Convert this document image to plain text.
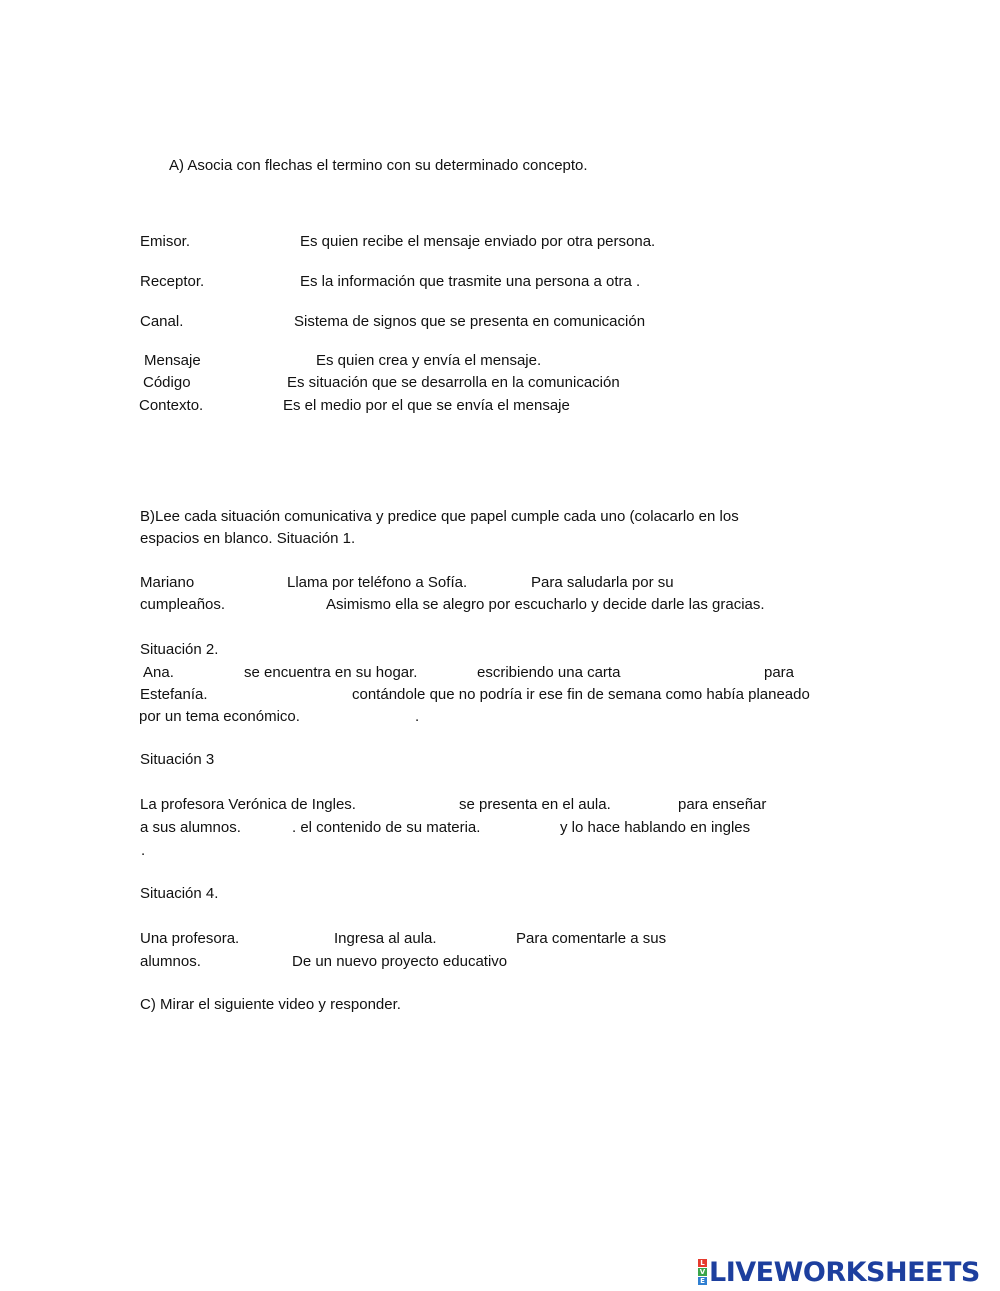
A) Asocia con flechas el termino con su determinado concepto.
Emisor.	Es quien recibe el mensaje enviado por otra persona.
Receptor.	Es la información que trasmite una persona a otra .
Canal.	Sistema de signos que se presenta en comunicación
Mensaje	Es quien crea y envía el mensaje.
Código	Es situación que se desarrolla en la comunicación
Contexto.	Es el medio por el que se envía el mensaje
B)Lee cada situación comunicativa y predice que papel cumple cada uno (colacarlo en los
espacios en blanco. Situación 1.
Mariano	Llama por teléfono a Sofía.	Para saludarla por su
cumpleaños.	Asimismo ella se alegro por escucharlo y decide darle las gracias.
Situación 2.
Ana.	se encuentra en su hogar.	escribiendo una carta	para
Estefanía.	contándole que no podría ir ese fin de semana como había planeado
por un tema económico.	.
Situación 3
La profesora Verónica de Ingles.	se presenta en el aula.	para enseñar
a sus alumnos.	. el contenido de su materia.	y lo hace hablando en ingles
.
Situación 4.
Una profesora.	Ingresa al aula.	Para comentarle a sus
alumnos.	De un nuevo proyecto educativo
C) Mirar el siguiente video y responder.
L
V
E LIVEWORKSHEETS
